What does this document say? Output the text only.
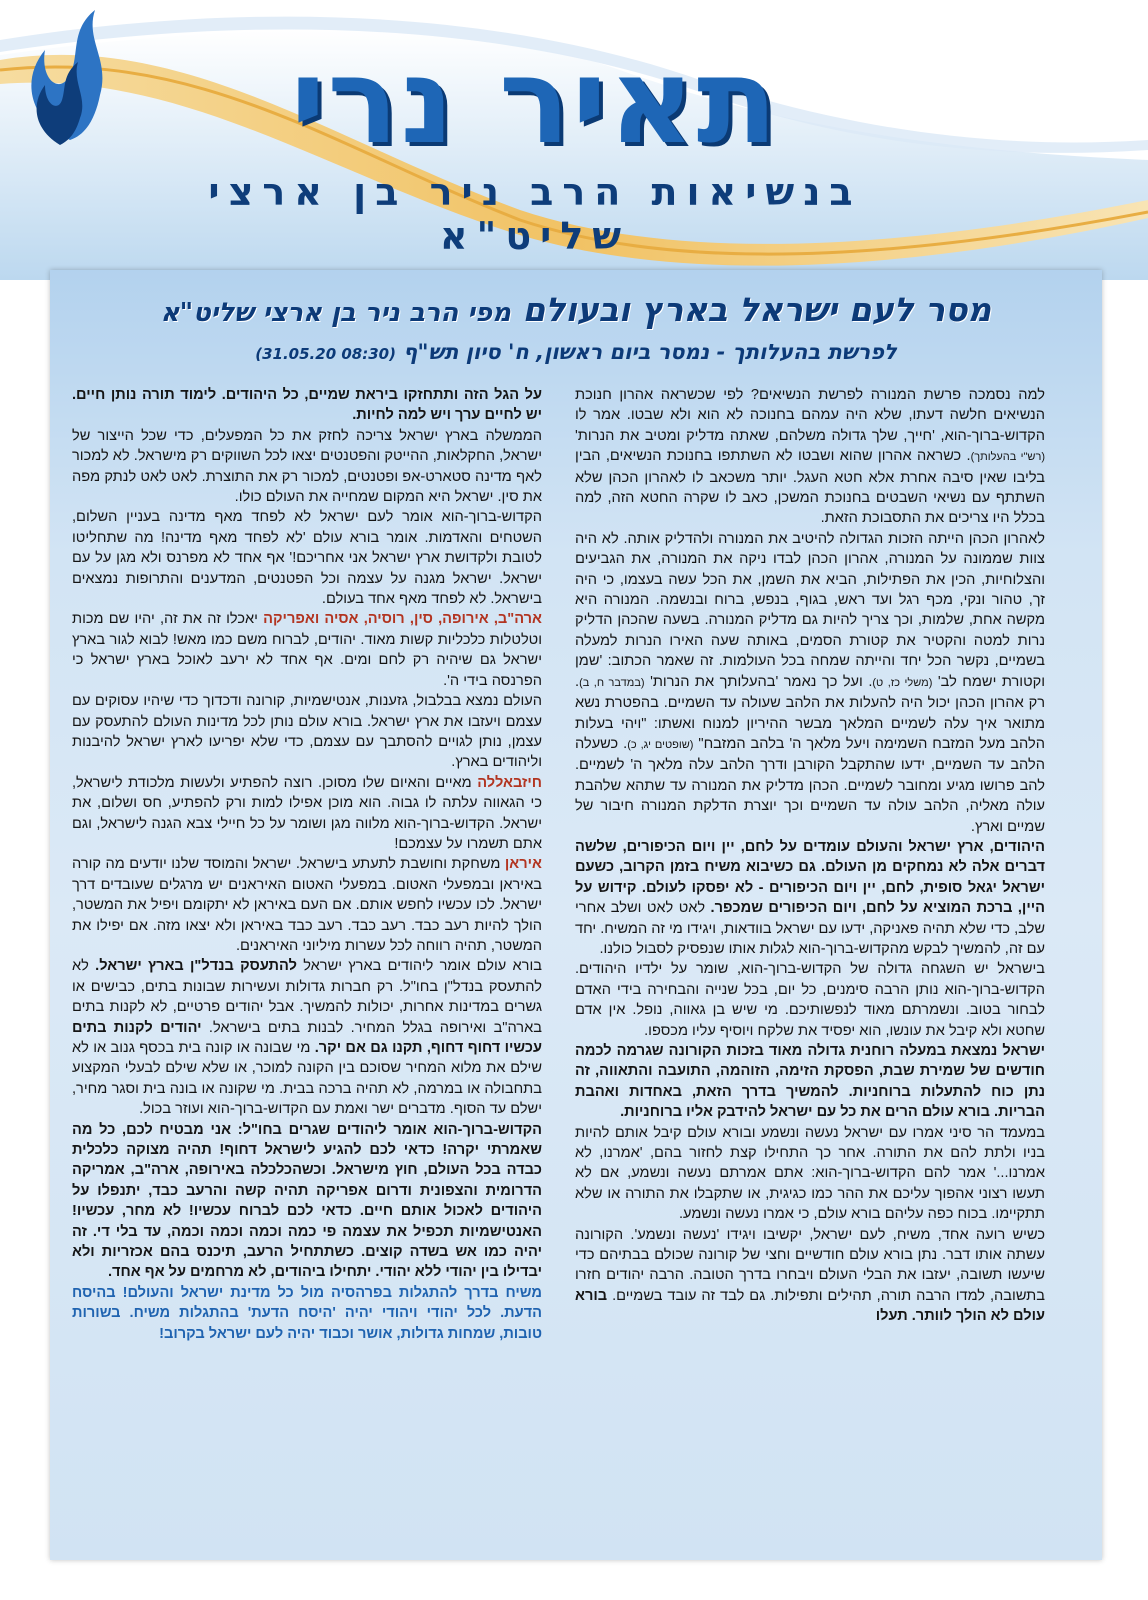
תאיר נרי
בנשיאות הרב ניר בן ארצי שליט"א
מסר לעם ישראל בארץ ובעולם מפי הרב ניר בן ארצי שליט"א
לפרשת בהעלותך - נמסר ביום ראשון, ח' סיון תש"ף (08:30 31.05.20)

למה נסמכה פרשת המנורה לפרשת הנשיאים? לפי שכשראה אהרון חנוכת הנשיאים חלשה דעתו, שלא היה עמהם בחנוכה לא הוא ולא שבטו. אמר לו הקדוש-ברוך-הוא, 'חייך, שלך גדולה משלהם, שאתה מדליק ומטיב את הנרות' (רש"י בהעלותך). כשראה אהרון שהוא ושבטו לא השתתפו בחנוכת הנשיאים, הבין בליבו שאין סיבה אחרת אלא חטא העגל. יותר משכאב לו לאהרון הכהן שלא השתתף עם נשיאי השבטים בחנוכת המשכן, כאב לו שקרה החטא הזה, למה בכלל היו צריכים את התסבוכת הזאת.

לאהרון הכהן הייתה הזכות הגדולה להיטיב את המנורה ולהדליק אותה. לא היה צוות שממונה על המנורה, אהרון הכהן לבדו ניקה את המנורה, את הגביעים והצלוחיות, הכין את הפתילות, הביא את השמן, את הכל עשה בעצמו, כי היה זך, טהור ונקי, מכף רגל ועד ראש, בגוף, בנפש, ברוח ובנשמה. המנורה היא מקשה אחת, שלמות, וכך צריך להיות גם מדליק המנורה. בשעה שהכהן הדליק נרות למטה והקטיר את קטורת הסמים, באותה שעה האירו הנרות למעלה בשמיים, נקשר הכל יחד והייתה שמחה בכל העולמות. זה שאמר הכתוב: 'שמן וקטורת ישמח לב' (משלי כז, ט). ועל כך נאמר 'בהעלותך את הנרות' (במדבר ח, ב). רק אהרון הכהן יכול היה להעלות את הלהב שעולה עד השמיים. בהפטרת נשא מתואר איך עלה לשמיים המלאך מבשר ההיריון למנוח ואשתו: "ויהי בעלות הלהב מעל המזבח השמימה ויעל מלאך ה' בלהב המזבח" (שופטים יג, כ). כשעלה הלהב עד השמיים, ידעו שהתקבל הקורבן ודרך הלהב עלה מלאך ה' לשמיים. להב פרושו מגיע ומחובר לשמיים. הכהן מדליק את המנורה עד שתהא שלהבת עולה מאליה, הלהב עולה עד השמיים וכך יוצרת הדלקת המנורה חיבור של שמיים וארץ.

היהודים, ארץ ישראל והעולם עומדים על לחם, יין ויום הכיפורים, שלשה דברים אלה לא נמחקים מן העולם. גם כשיבוא משיח בזמן הקרוב, כשעם ישראל יגאל סופית, לחם, יין ויום הכיפורים - לא יפסקו לעולם. קידוש על היין, ברכת המוציא על לחם, ויום הכיפורים שמכפר. לאט לאט ושלב אחרי שלב, כדי שלא תהיה פאניקה, ידעו עם ישראל בוודאות, ויגידו מי זה המשיח. יחד עם זה, להמשיך לבקש מהקדוש-ברוך-הוא לגלות אותו שנפסיק לסבול כולנו.

בישראל יש השגחה גדולה של הקדוש-ברוך-הוא, שומר על ילדיו היהודים. הקדוש-ברוך-הוא נותן הרבה סימנים, כל יום, בכל שנייה והבחירה בידי האדם לבחור בטוב. ונשמרתם מאוד לנפשותיכם. מי שיש בן גאווה, נופל. אין אדם שחטא ולא קיבל את עונשו, הוא יפסיד את שלקח ויוסיף עליו מכספו.

ישראל נמצאת במעלה רוחנית גדולה מאוד בזכות הקורונה שגרמה לכמה חודשים של שמירת שבת, הפסקת הזימה, הזוהמה, התועבה והתאווה, זה נתן כוח להתעלות ברוחניות. להמשיך בדרך הזאת, באחדות ואהבת הבריות. בורא עולם הרים את כל עם ישראל להידבק אליו ברוחניות.

במעמד הר סיני אמרו עם ישראל נעשה ונשמע ובורא עולם קיבל אותם להיות בניו ולתת להם את התורה. אחר כך התחילו קצת לחזור בהם, 'אמרנו, לא אמרנו...' אמר להם הקדוש-ברוך-הוא: אתם אמרתם נעשה ונשמע, אם לא תעשו רצוני אהפוך עליכם את ההר כמו כגיגית, או שתקבלו את התורה או שלא תתקיימו. בכוח כפה עליהם בורא עולם, כי אמרו נעשה ונשמע.

כשיש רועה אחד, משיח, לעם ישראל, יקשיבו ויגידו 'נעשה ונשמע'. הקורונה עשתה אותו דבר. נתן בורא עולם חודשיים וחצי של קורונה שכולם בבתיהם כדי שיעשו תשובה, יעזבו את הבלי העולם ויבחרו בדרך הטובה. הרבה יהודים חזרו בתשובה, למדו הרבה תורה, תהילים ותפילות. גם לבד זה עובד בשמיים. בורא עולם לא הולך לוותר. תעלו

על הגל הזה ותתחזקו ביראת שמיים, כל היהודים. לימוד תורה נותן חיים. יש לחיים ערך ויש למה לחיות.

הממשלה בארץ ישראל צריכה לחזק את כל המפעלים, כדי שכל הייצור של ישראל, החקלאות, ההייטק והפטנטים יצאו לכל השווקים רק מישראל. לא למכור לאף מדינה סטארט-אפ ופטנטים, למכור רק את התוצרת. לאט לאט לנתק מפה את סין. ישראל היא המקום שמחייה את העולם כולו.

הקדוש-ברוך-הוא אומר לעם ישראל לא לפחד מאף מדינה בעניין השלום, השטחים והאדמות. אומר בורא עולם 'לא לפחד מאף מדינה! מה שתחליטו לטובת ולקדושת ארץ ישראל אני אחריכם!' אף אחד לא מפרנס ולא מגן על עם ישראל. ישראל מגנה על עצמה וכל הפטנטים, המדענים והתרופות נמצאים בישראל. לא לפחד מאף אחד בעולם.

ארה"ב, אירופה, סין, רוסיה, אסיה ואפריקה יאכלו זה את זה, יהיו שם מכות וטלטלות כלכליות קשות מאוד. יהודים, לברוח משם כמו מאש! לבוא לגור בארץ ישראל גם שיהיה רק לחם ומים. אף אחד לא ירעב לאוכל בארץ ישראל כי הפרנסה בידי ה'.

העולם נמצא בבלבול, גזענות, אנטישמיות, קורונה ודכדוך כדי שיהיו עסוקים עם עצמם ויעזבו את ארץ ישראל. בורא עולם נותן לכל מדינות העולם להתעסק עם עצמן, נותן לגויים להסתבך עם עצמם, כדי שלא יפריעו לארץ ישראל להיבנות וליהודים בארץ.

חיזבאללה מאיים והאיום שלו מסוכן. רוצה להפתיע ולעשות מלכודת לישראל, כי הגאווה עלתה לו גבוה. הוא מוכן אפילו למות ורק להפתיע, חס ושלום, את ישראל. הקדוש-ברוך-הוא מלווה מגן ושומר על כל חיילי צבא הגנה לישראל, וגם אתם תשמרו על עצמכם!

איראן משחקת וחושבת לתעתע בישראל. ישראל והמוסד שלנו יודעים מה קורה באיראן ובמפעלי האטום. במפעלי האטום האיראנים יש מרגלים שעובדים דרך ישראל. לכו עכשיו לחפש אותם. אם העם באיראן לא יתקומם ויפיל את המשטר, הולך להיות רעב כבד. רעב כבד. רעב כבד באיראן ולא יצאו מזה. אם יפילו את המשטר, תהיה רווחה לכל עשרות מיליוני האיראנים.

בורא עולם אומר ליהודים בארץ ישראל להתעסק בנדל"ן בארץ ישראל. לא להתעסק בנדל"ן בחו"ל. רק חברות גדולות ועשירות שבונות בתים, כבישים או גשרים במדינות אחרות, יכולות להמשיך. אבל יהודים פרטיים, לא לקנות בתים בארה"ב ואירופה בגלל המחיר. לבנות בתים בישראל. יהודים לקנות בתים עכשיו דחוף דחוף, תקנו גם אם יקר. מי שבונה או קונה בית בכסף גנוב או לא שילם את מלוא המחיר שסוכם בין הקונה למוכר, או שלא שילם לבעלי המקצוע בתחבולה או במרמה, לא תהיה ברכה בבית. מי שקונה או בונה בית וסגר מחיר, ישלם עד הסוף. מדברים ישר ואמת עם הקדוש-ברוך-הוא ועוזר בכול.

הקדוש-ברוך-הוא אומר ליהודים שגרים בחו"ל: אני מבטיח לכם, כל מה שאמרתי יקרה! כדאי לכם להגיע לישראל דחוף! תהיה מצוקה כלכלית כבדה בכל העולם, חוץ מישראל. וכשהכלכלה באירופה, ארה"ב, אמריקה הדרומית והצפונית ודרום אפריקה תהיה קשה והרעב כבד, יתנפלו על היהודים לאכול אותם חיים. כדאי לכם לברוח עכשיו! לא מחר, עכשיו! האנטישמיות תכפיל את עצמה פי כמה וכמה וכמה וכמה, עד בלי די. זה יהיה כמו אש בשדה קוצים. כשתתחיל הרעב, תיכנס בהם אכזריות ולא יבדילו בין יהודי ללא יהודי. יתחילו ביהודים, לא מרחמים על אף אחד.

משיח בדרך להתגלות בפרהסיה מול כל מדינת ישראל והעולם! בהיסח הדעת. לכל יהודי ויהודי יהיה 'היסח הדעת' בהתגלות משיח. בשורות טובות, שמחות גדולות, אושר וכבוד יהיה לעם ישראל בקרוב!
